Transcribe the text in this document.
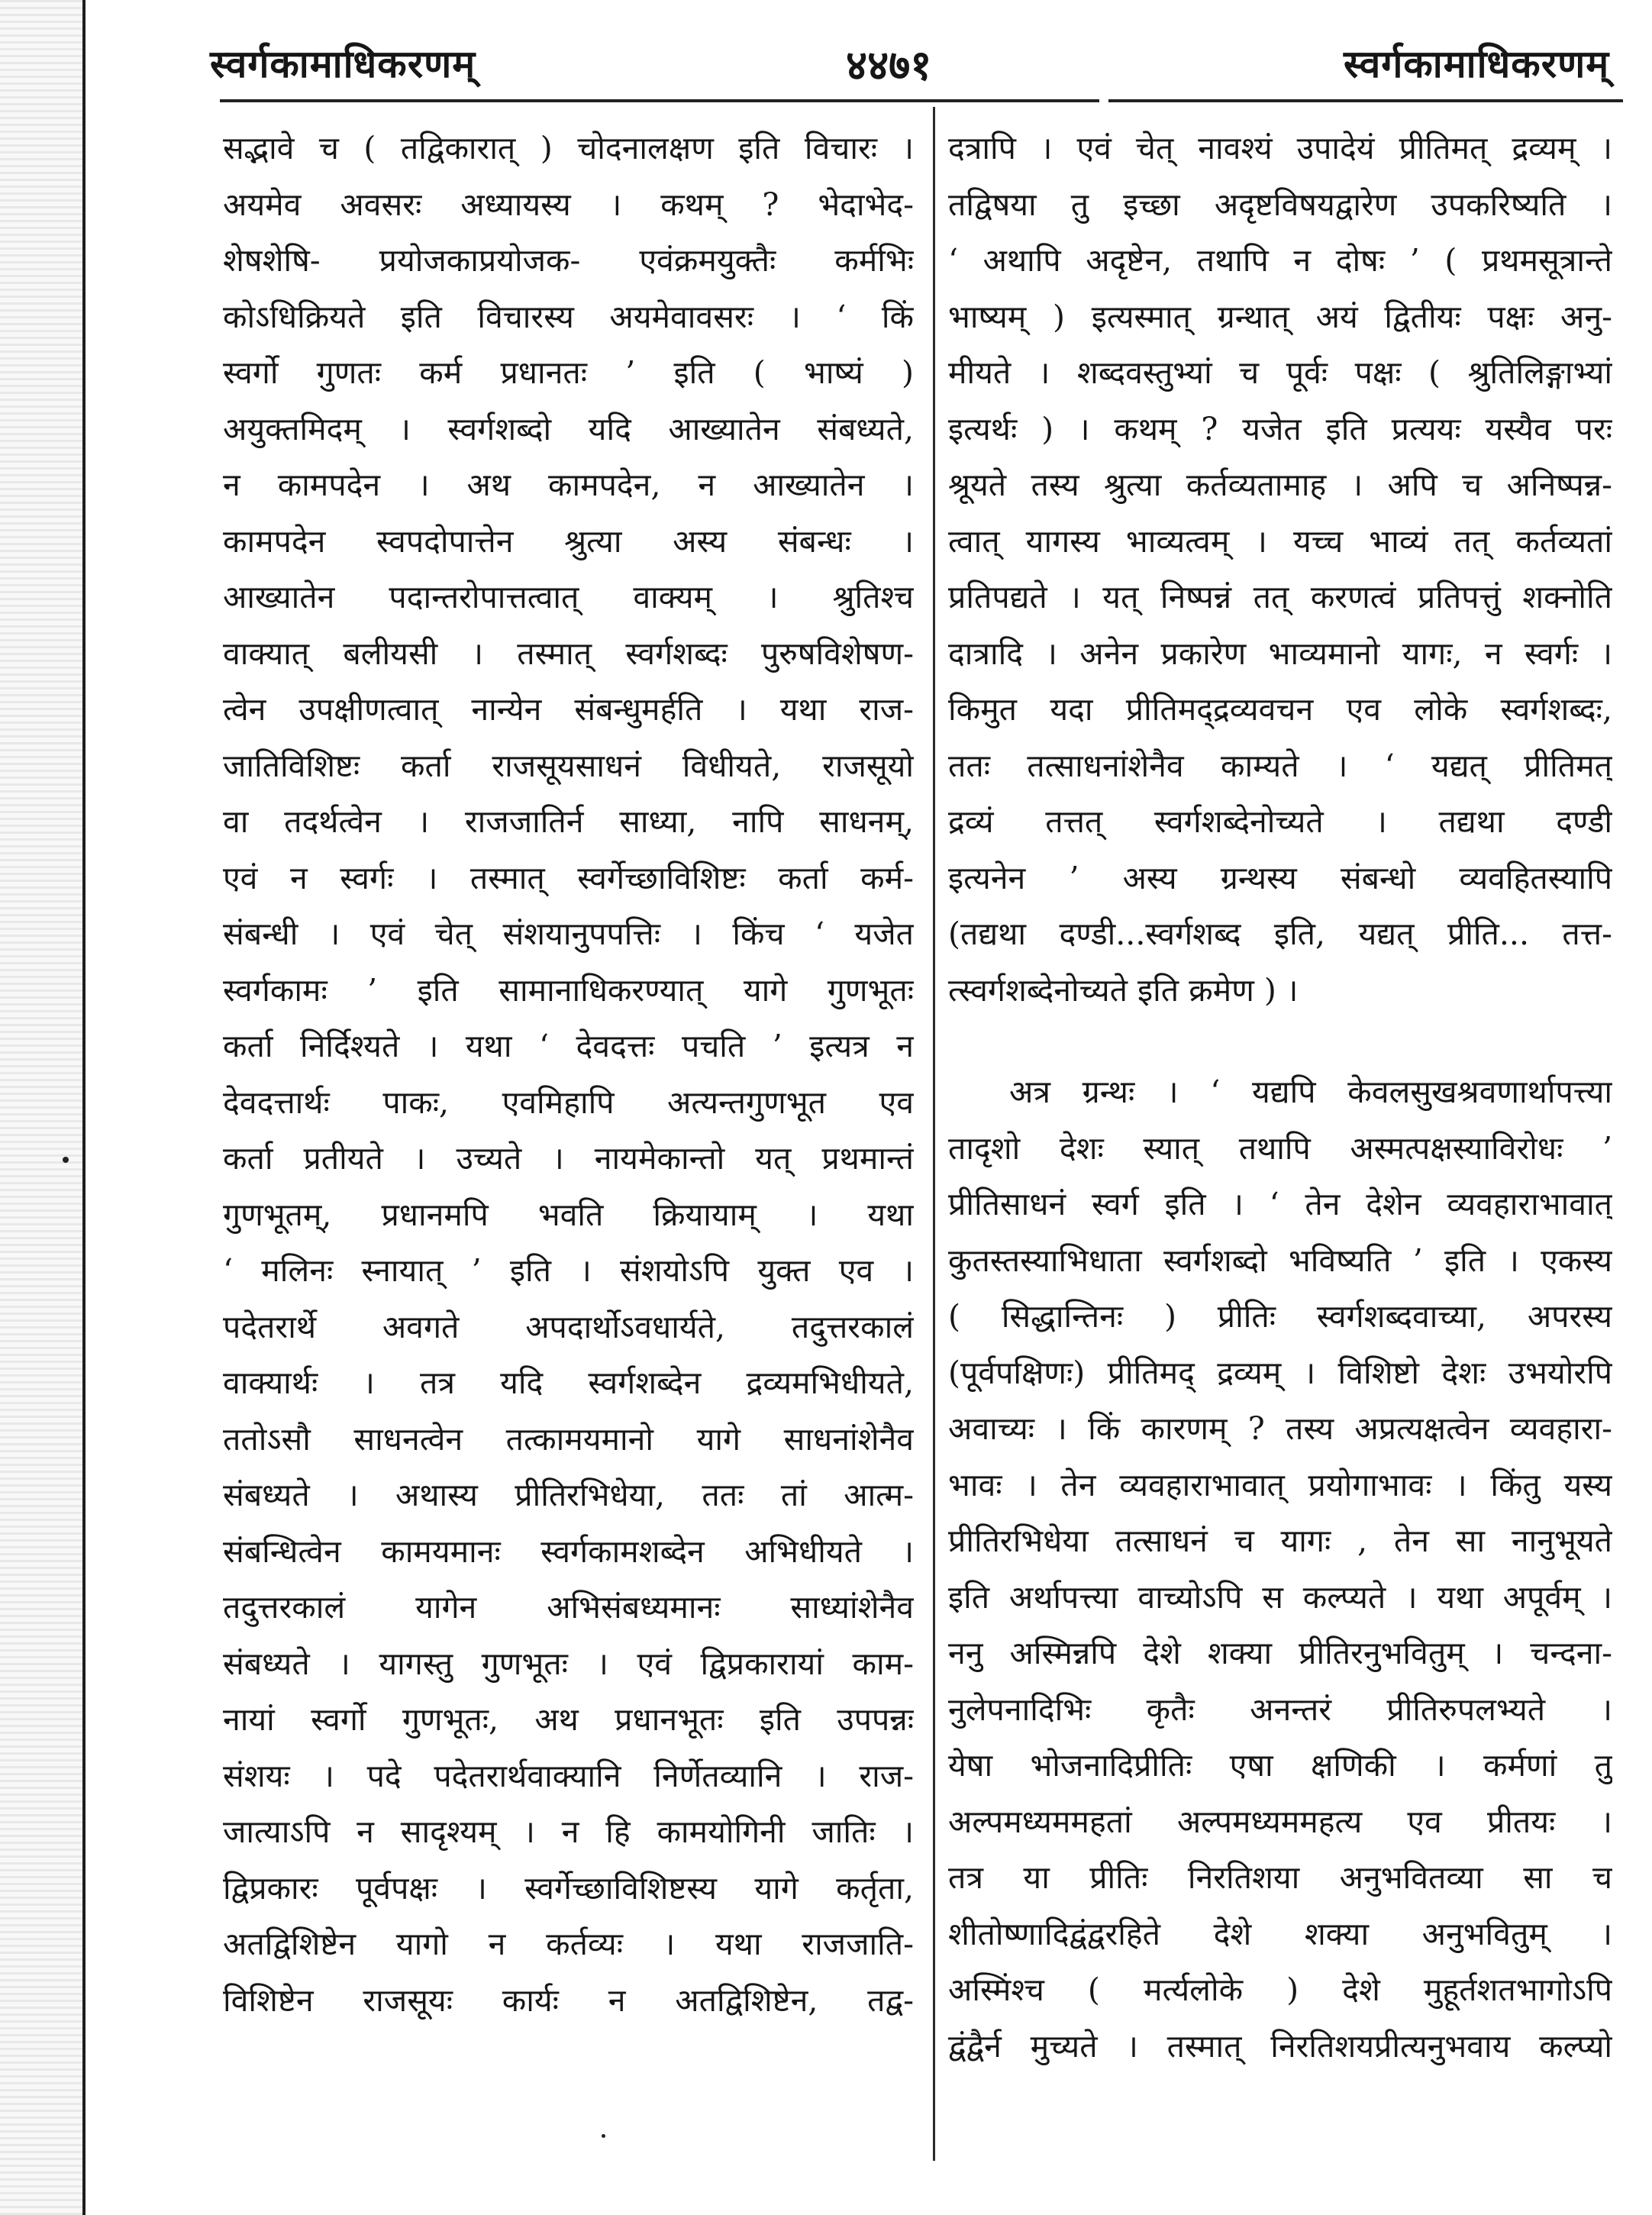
स्वर्गकामाधिकरणम्	४४७१	स्वर्गकामाधिकरणम्
सद्भावे च ( तद्विकारात् ) चोदनालक्षण इति विचारः ।
अयमेव अवसरः अध्यायस्य । कथम् ? भेदाभेद-
शेषशेषि- प्रयोजकाप्रयोजक- एवंक्रमयुक्तैः कर्मभिः
कोऽधिक्रियते इति विचारस्य अयमेवावसरः । ‘ किं
स्वर्गो गुणतः कर्म प्रधानतः ’ इति ( भाष्यं )
अयुक्तमिदम् । स्वर्गशब्दो यदि आख्यातेन संबध्यते,
न कामपदेन । अथ कामपदेन, न आख्यातेन ।
कामपदेन स्वपदोपात्तेन श्रुत्या अस्य संबन्धः ।
आख्यातेन पदान्तरोपात्तत्वात् वाक्यम् । श्रुतिश्च
वाक्यात् बलीयसी । तस्मात् स्वर्गशब्दः पुरुषविशेषण-
त्वेन उपक्षीणत्वात् नान्येन संबन्धुमर्हति । यथा राज-
जातिविशिष्टः कर्ता राजसूयसाधनं विधीयते, राजसूयो
वा तदर्थत्वेन । राजजातिर्न साध्या, नापि साधनम्,
एवं न स्वर्गः । तस्मात् स्वर्गेच्छाविशिष्टः कर्ता कर्म-
संबन्धी । एवं चेत् संशयानुपपत्तिः । किंच ‘ यजेत
स्वर्गकामः ’ इति सामानाधिकरण्यात् यागे गुणभूतः
कर्ता निर्दिश्यते । यथा ‘ देवदत्तः पचति ’ इत्यत्र न
देवदत्तार्थः पाकः, एवमिहापि अत्यन्तगुणभूत एव
कर्ता प्रतीयते । उच्यते । नायमेकान्तो यत् प्रथमान्तं
गुणभूतम्, प्रधानमपि भवति क्रियायाम् । यथा
‘ मलिनः स्नायात् ’ इति । संशयोऽपि युक्त एव ।
पदेतरार्थे अवगते अपदार्थोऽवधार्यते, तदुत्तरकालं
वाक्यार्थः । तत्र यदि स्वर्गशब्देन द्रव्यमभिधीयते,
ततोऽसौ साधनत्वेन तत्कामयमानो यागे साधनांशेनैव
संबध्यते । अथास्य प्रीतिरभिधेया, ततः तां आत्म-
संबन्धित्वेन कामयमानः स्वर्गकामशब्देन अभिधीयते ।
तदुत्तरकालं यागेन अभिसंबध्यमानः साध्यांशेनैव
संबध्यते । यागस्तु गुणभूतः । एवं द्विप्रकारायां काम-
नायां स्वर्गो गुणभूतः, अथ प्रधानभूतः इति उपपन्नः
संशयः । पदे पदेतरार्थवाक्यानि निर्णेतव्यानि । राज-
जात्याऽपि न सादृश्यम् । न हि कामयोगिनी जातिः ।
द्विप्रकारः पूर्वपक्षः । स्वर्गेच्छाविशिष्टस्य यागे कर्तृता,
अतद्विशिष्टेन यागो न कर्तव्यः । यथा राजजाति-
विशिष्टेन राजसूयः कार्यः न अतद्विशिष्टेन, तद्व-
दत्रापि । एवं चेत् नावश्यं उपादेयं प्रीतिमत् द्रव्यम् ।
तद्विषया तु इच्छा अदृष्टविषयद्वारेण उपकरिष्यति ।
‘ अथापि अदृष्टेन, तथापि न दोषः ’ ( प्रथमसूत्रान्ते
भाष्यम् ) इत्यस्मात् ग्रन्थात् अयं द्वितीयः पक्षः अनु-
मीयते । शब्दवस्तुभ्यां च पूर्वः पक्षः ( श्रुतिलिङ्गाभ्यां
इत्यर्थः ) । कथम् ? यजेत इति प्रत्ययः यस्यैव परः
श्रूयते तस्य श्रुत्या कर्तव्यतामाह । अपि च अनिष्पन्न-
त्वात् यागस्य भाव्यत्वम् । यच्च भाव्यं तत् कर्तव्यतां
प्रतिपद्यते । यत् निष्पन्नं तत् करणत्वं प्रतिपत्तुं शक्नोति
दात्रादि । अनेन प्रकारेण भाव्यमानो यागः, न स्वर्गः ।
किमुत यदा प्रीतिमद्द्रव्यवचन एव लोके स्वर्गशब्दः,
ततः तत्साधनांशेनैव काम्यते । ‘ यद्यत् प्रीतिमत्
द्रव्यं तत्तत् स्वर्गशब्देनोच्यते । तद्यथा दण्डी
इत्यनेन ’ अस्य ग्रन्थस्य संबन्धो व्यवहितस्यापि
(तद्यथा दण्डी...स्वर्गशब्द इति, यद्यत् प्रीति... तत्त-
त्स्वर्गशब्देनोच्यते इति क्रमेण ) ।
अत्र ग्रन्थः । ‘ यद्यपि केवलसुखश्रवणार्थापत्त्या
तादृशो देशः स्यात् तथापि अस्मत्पक्षस्याविरोधः ’
प्रीतिसाधनं स्वर्ग इति । ‘ तेन देशेन व्यवहाराभावात्
कुतस्तस्याभिधाता स्वर्गशब्दो भविष्यति ’ इति । एकस्य
( सिद्धान्तिनः ) प्रीतिः स्वर्गशब्दवाच्या, अपरस्य
(पूर्वपक्षिणः) प्रीतिमद् द्रव्यम् । विशिष्टो देशः उभयोरपि
अवाच्यः । किं कारणम् ? तस्य अप्रत्यक्षत्वेन व्यवहारा-
भावः । तेन व्यवहाराभावात् प्रयोगाभावः । किंतु यस्य
प्रीतिरभिधेया तत्साधनं च यागः , तेन सा नानुभूयते
इति अर्थापत्त्या वाच्योऽपि स कल्प्यते । यथा अपूर्वम् ।
ननु अस्मिन्नपि देशे शक्या प्रीतिरनुभवितुम् । चन्दना-
नुलेपनादिभिः कृतैः अनन्तरं प्रीतिरुपलभ्यते ।
येषा भोजनादिप्रीतिः एषा क्षणिकी । कर्मणां तु
अल्पमध्यममहतां अल्पमध्यममहत्य एव प्रीतयः ।
तत्र या प्रीतिः निरतिशया अनुभवितव्या सा च
शीतोष्णादिद्वंद्वरहिते देशे शक्या अनुभवितुम् ।
अस्मिंश्च ( मर्त्यलोके ) देशे मुहूर्तशतभागोऽपि
द्वंद्वैर्न मुच्यते । तस्मात् निरतिशयप्रीत्यनुभवाय कल्प्यो
